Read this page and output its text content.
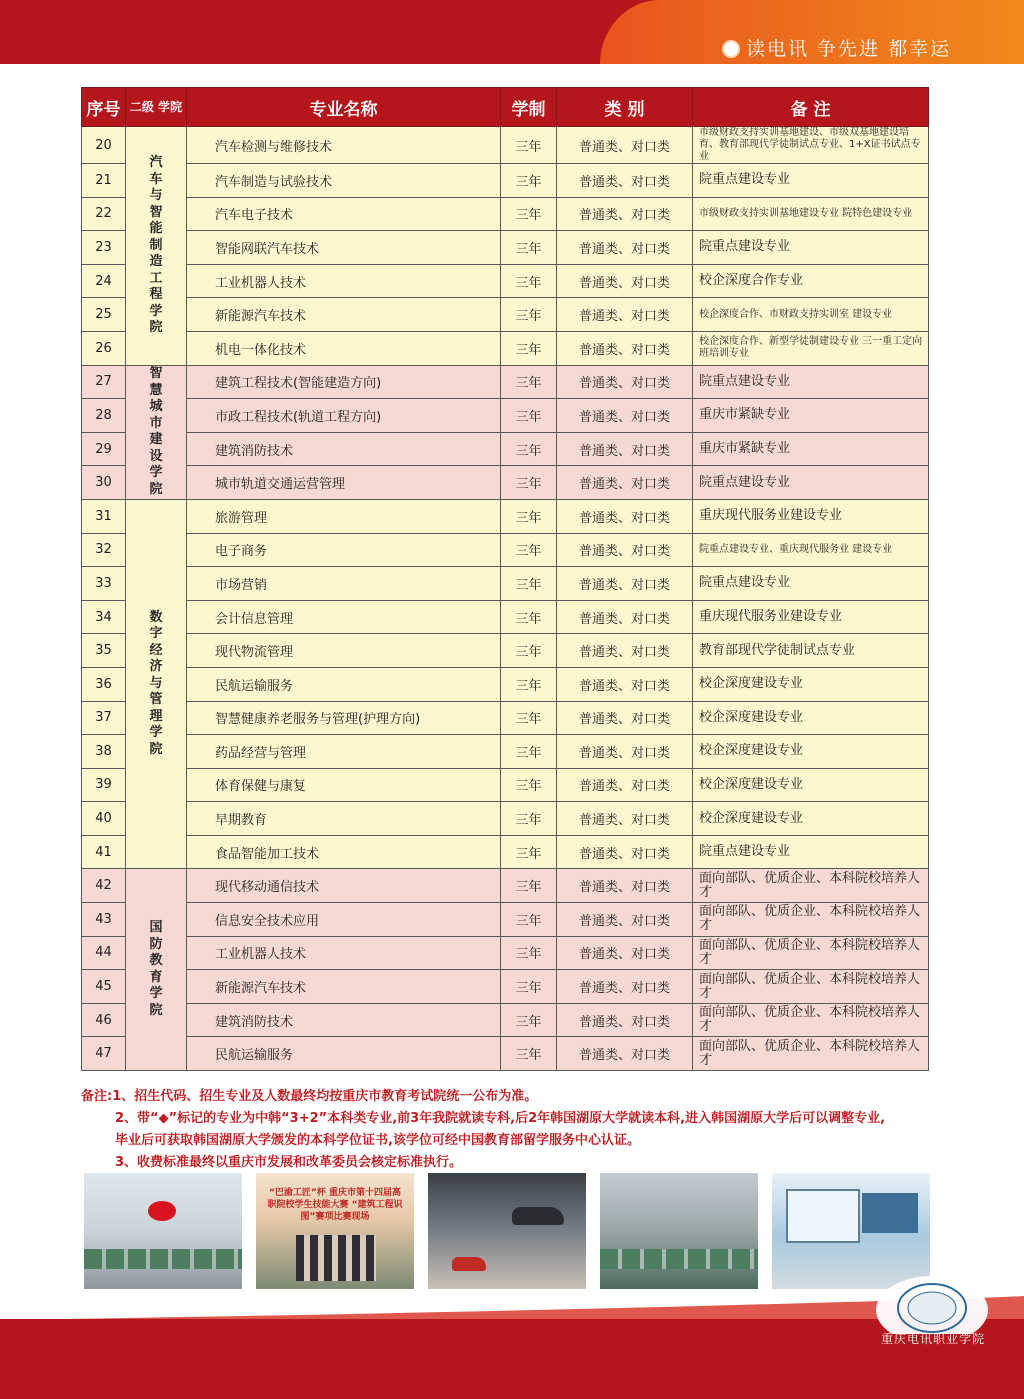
读电讯 争先进 都幸运
序号	二级 学院	专业名称	学制	类 别	备 注
20	汽车与智能制造工程学院	汽车检测与维修技术	三年	普通类、对口类	市级财政支持实训基地建设、市级双基地建设培育、教育部现代学徒制试点专业、1+X证书试点专业
21		汽车制造与试验技术	三年	普通类、对口类	院重点建设专业
22		汽车电子技术	三年	普通类、对口类	市级财政支持实训基地建设专业 院特色建设专业
23		智能网联汽车技术	三年	普通类、对口类	院重点建设专业
24		工业机器人技术	三年	普通类、对口类	校企深度合作专业
25		新能源汽车技术	三年	普通类、对口类	校企深度合作、市财政支持实训室 建设专业
26		机电一体化技术	三年	普通类、对口类	校企深度合作、新型学徒制建设专业 三一重工定向班培训专业
27	智慧城市建设学院	建筑工程技术(智能建造方向)	三年	普通类、对口类	院重点建设专业
28		市政工程技术(轨道工程方向)	三年	普通类、对口类	重庆市紧缺专业
29		建筑消防技术	三年	普通类、对口类	重庆市紧缺专业
30		城市轨道交通运营管理	三年	普通类、对口类	院重点建设专业
31	数字经济与管理学院	旅游管理	三年	普通类、对口类	重庆现代服务业建设专业
32		电子商务	三年	普通类、对口类	院重点建设专业、重庆现代服务业 建设专业
33		市场营销	三年	普通类、对口类	院重点建设专业
34		会计信息管理	三年	普通类、对口类	重庆现代服务业建设专业
35		现代物流管理	三年	普通类、对口类	教育部现代学徒制试点专业
36		民航运输服务	三年	普通类、对口类	校企深度建设专业
37		智慧健康养老服务与管理(护理方向)	三年	普通类、对口类	校企深度建设专业
38		药品经营与管理	三年	普通类、对口类	校企深度建设专业
39		体育保健与康复	三年	普通类、对口类	校企深度建设专业
40		早期教育	三年	普通类、对口类	校企深度建设专业
41		食品智能加工技术	三年	普通类、对口类	院重点建设专业
42	国防教育学院	现代移动通信技术	三年	普通类、对口类	面向部队、优质企业、本科院校培养人才
43		信息安全技术应用	三年	普通类、对口类	面向部队、优质企业、本科院校培养人才
44		工业机器人技术	三年	普通类、对口类	面向部队、优质企业、本科院校培养人才
45		新能源汽车技术	三年	普通类、对口类	面向部队、优质企业、本科院校培养人才
46		建筑消防技术	三年	普通类、对口类	面向部队、优质企业、本科院校培养人才
47		民航运输服务	三年	普通类、对口类	面向部队、优质企业、本科院校培养人才
备注:1、招生代码、招生专业及人数最终均按重庆市教育考试院统一公布为准。
2、带“◆”标记的专业为中韩“3+2”本科类专业,前3年我院就读专科,后2年韩国湖原大学就读本科,进入韩国湖原大学后可以调整专业,
毕业后可获取韩国湖原大学颁发的本科学位证书,该学位可经中国教育部留学服务中心认证。
3、收费标准最终以重庆市发展和改革委员会核定标准执行。
“巴渝工匠”杯 重庆市第十四届高职院校学生技能大赛 “建筑工程识图”赛项比赛现场
重庆电讯职业学院
